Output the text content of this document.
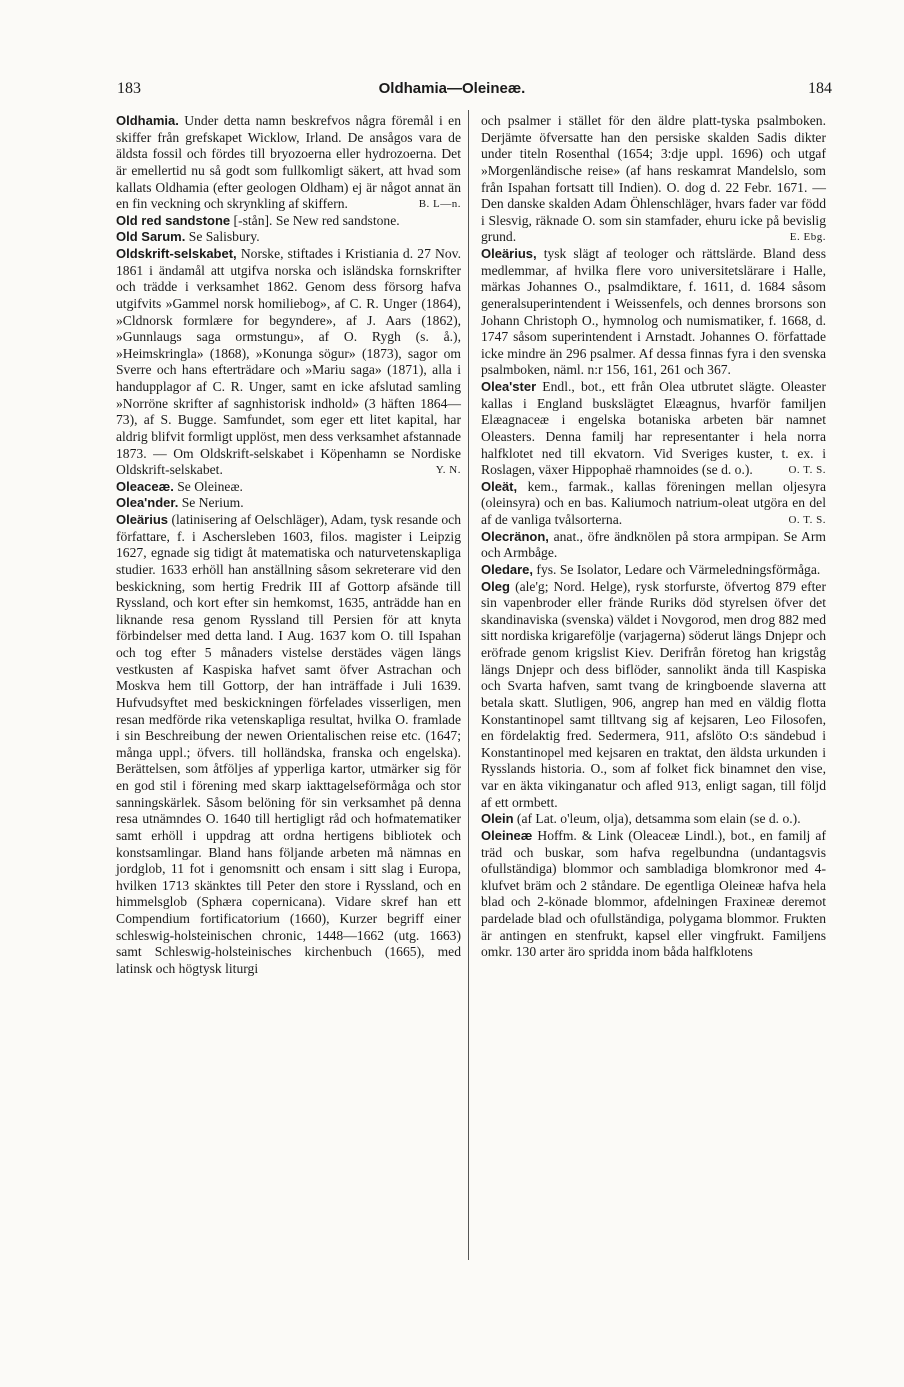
183	Oldhamia—Oleineæ.	184

Oldhamia. Under detta namn beskrefvos några föremål i en skiffer från grefskapet Wicklow, Irland. De ansågos vara de äldsta fossil och fördes till bryozoerna eller hydrozoerna. Det är emellertid nu så godt som fullkomligt säkert, att hvad som kallats Oldhamia (efter geologen Oldham) ej är något annat än en fin veckning och skrynkling af skiffern.	B. L—n.

Old red sandstone [-stån]. Se New red sandstone.

Old Sarum. Se Salisbury.

Oldskrift-selskabet, Norske, stiftades i Kristiania d. 27 Nov. 1861 i ändamål att utgifva norska och isländska fornskrifter och trädde i verksamhet 1862. Genom dess försorg hafva utgifvits »Gammel norsk homiliebog», af C. R. Unger (1864), »Cldnorsk formlære for begyndere», af J. Aars (1862), »Gunnlaugs saga ormstungu», af O. Rygh (s. å.), »Heimskringla» (1868), »Konunga sögur» (1873), sagor om Sverre och hans efterträdare och »Mariu saga» (1871), alla i handupplagor af C. R. Unger, samt en icke afslutad samling »Norröne skrifter af sagnhistorisk indhold» (3 häften 1864—73), af S. Bugge. Samfundet, som eger ett litet kapital, har aldrig blifvit formligt upplöst, men dess verksamhet afstannade 1873. — Om Oldskrift-selskabet i Köpenhamn se Nordiske Oldskrift-selskabet.	Y. N.

Oleaceæ. Se Oleineæ.

Olea'nder. Se Nerium.

Oleärius (latinisering af Oelschläger), Adam, tysk resande och författare, f. i Aschersleben 1603, filos. magister i Leipzig 1627, egnade sig tidigt åt matematiska och naturvetenskapliga studier. 1633 erhöll han anställning såsom sekreterare vid den beskickning, som hertig Fredrik III af Gottorp afsände till Ryssland, och kort efter sin hemkomst, 1635, anträdde han en liknande resa genom Ryssland till Persien för att knyta förbindelser med detta land. I Aug. 1637 kom O. till Ispahan och tog efter 5 månaders vistelse derstädes vägen längs vestkusten af Kaspiska hafvet samt öfver Astrachan och Moskva hem till Gottorp, der han inträffade i Juli 1639. Hufvudsyftet med beskickningen förfelades visserligen, men resan medförde rika vetenskapliga resultat, hvilka O. framlade i sin Beschreibung der newen Orientalischen reise etc. (1647; många uppl.; öfvers. till holländska, franska och engelska). Berättelsen, som åtföljes af ypperliga kartor, utmärker sig för en god stil i förening med skarp iakttagelseförmåga och stor sanningskärlek. Såsom belöning för sin verksamhet på denna resa utnämndes O. 1640 till hertigligt råd och hofmatematiker samt erhöll i uppdrag att ordna hertigens bibliotek och konstsamlingar. Bland hans följande arbeten må nämnas en jordglob, 11 fot i genomsnitt och ensam i sitt slag i Europa, hvilken 1713 skänktes till Peter den store i Ryssland, och en himmelsglob (Sphæra copernicana). Vidare skref han ett Compendium fortificatorium (1660), Kurzer begriff einer schleswig-holsteinischen chronic, 1448—1662 (utg. 1663) samt Schleswig-holsteinisches kirchenbuch (1665), med latinsk och högtysk liturgi

och psalmer i stället för den äldre platt-tyska psalmboken. Derjämte öfversatte han den persiske skalden Sadis dikter under titeln Rosenthal (1654; 3:dje uppl. 1696) och utgaf »Morgenländische reise» (af hans reskamrat Mandelslo, som från Ispahan fortsatt till Indien). O. dog d. 22 Febr. 1671. — Den danske skalden Adam Öhlenschläger, hvars fader var född i Slesvig, räknade O. som sin stamfader, ehuru icke på bevislig grund.	E. Ebg.

Oleärius, tysk slägt af teologer och rättslärde. Bland dess medlemmar, af hvilka flere voro universitetslärare i Halle, märkas Johannes O., psalmdiktare, f. 1611, d. 1684 såsom generalsuperintendent i Weissenfels, och dennes brorsons son Johann Christoph O., hymnolog och numismatiker, f. 1668, d. 1747 såsom superintendent i Arnstadt. Johannes O. författade icke mindre än 296 psalmer. Af dessa finnas fyra i den svenska psalmboken, näml. n:r 156, 161, 261 och 367.

Olea'ster Endl., bot., ett från Olea utbrutet slägte. Oleaster kallas i England buskslägtet Elæagnus, hvarför familjen Elæagnaceæ i engelska botaniska arbeten bär namnet Oleasters. Denna familj har representanter i hela norra halfklotet ned till ekvatorn. Vid Sveriges kuster, t. ex. i Roslagen, växer Hippophaë rhamnoides (se d. o.).	O. T. S.

Oleät, kem., farmak., kallas föreningen mellan oljesyra (oleinsyra) och en bas. Kaliumoch natrium-oleat utgöra en del af de vanliga tvålsorterna.	O. T. S.

Olecränon, anat., öfre ändknölen på stora armpipan. Se Arm och Armbåge.

Oledare, fys. Se Isolator, Ledare och Värmeledningsförmåga.

Oleg (ale'g; Nord. Helge), rysk storfurste, öfvertog 879 efter sin vapenbroder eller frände Ruriks död styrelsen öfver det skandinaviska (svenska) väldet i Novgorod, men drog 882 med sitt nordiska krigarefölje (varjagerna) söderut längs Dnjepr och eröfrade genom krigslist Kiev. Derifrån företog han krigståg längs Dnjepr och dess biflöder, sannolikt ända till Kaspiska och Svarta hafven, samt tvang de kringboende slaverna att betala skatt. Slutligen, 906, angrep han med en väldig flotta Konstantinopel samt tilltvang sig af kejsaren, Leo Filosofen, en fördelaktig fred. Sedermera, 911, afslöto O:s sändebud i Konstantinopel med kejsaren en traktat, den äldsta urkunden i Rysslands historia. O., som af folket fick binamnet den vise, var en äkta vikinganatur och afled 913, enligt sagan, till följd af ett ormbett.

Olein (af Lat. o'leum, olja), detsamma som elain (se d. o.).

Oleineæ Hoffm. & Link (Oleaceæ Lindl.), bot., en familj af träd och buskar, som hafva regelbundna (undantagsvis ofullständiga) blommor och sambladiga blomkronor med 4-klufvet bräm och 2 ståndare. De egentliga Oleineæ hafva hela blad och 2-könade blommor, afdelningen Fraxineæ deremot pardelade blad och ofullständiga, polygama blommor. Frukten är antingen en stenfrukt, kapsel eller vingfrukt. Familjens omkr. 130 arter äro spridda inom båda halfklotens
